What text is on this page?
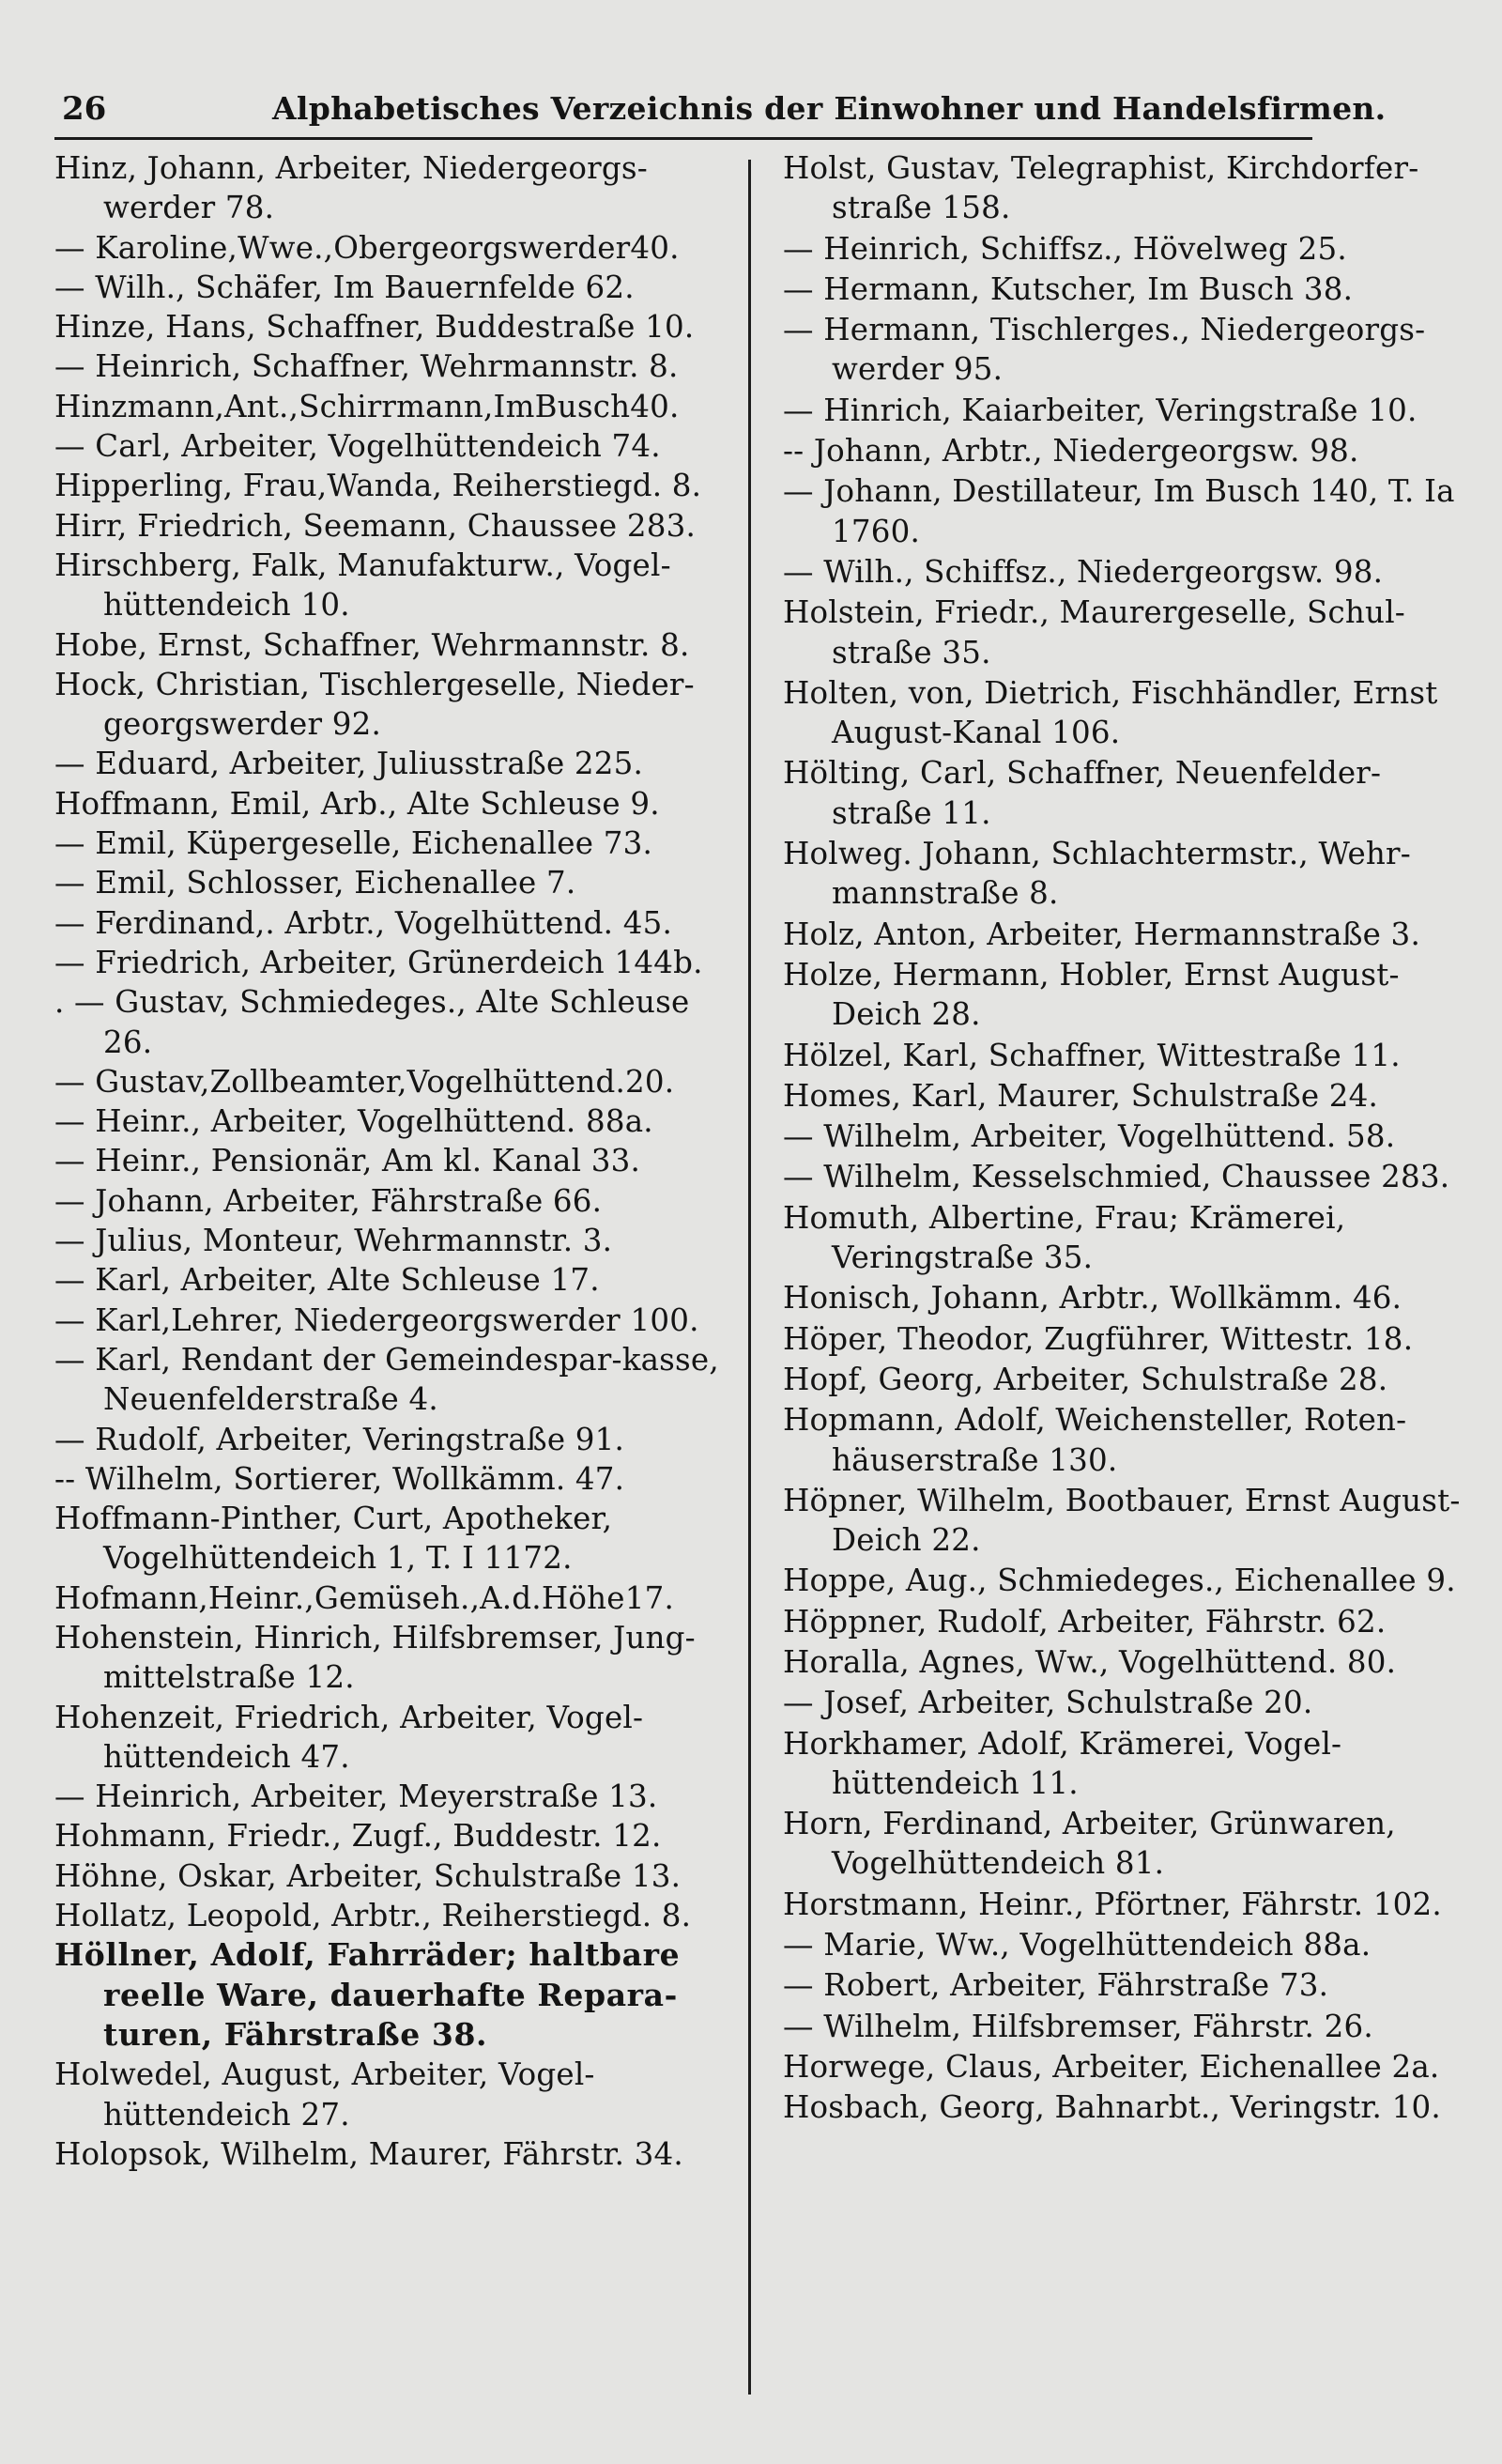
26	Alphabetisches Verzeichnis der Einwohner und Handelsfirmen.

Hinz, Johann, Arbeiter, Niedergeorgs-werder 78.

— Karoline,Wwe.,Obergeorgswerder40.

— Wilh., Schäfer, Im Bauernfelde 62.

Hinze, Hans, Schaffner, Buddestraße 10.

— Heinrich, Schaffner, Wehrmannstr. 8.

Hinzmann,Ant.,Schirrmann,ImBusch40.

— Carl, Arbeiter, Vogelhüttendeich 74.

Hipperling, Frau,Wanda, Reiherstiegd. 8.

Hirr, Friedrich, Seemann, Chaussee 283.

Hirschberg, Falk, Manufakturw., Vogel-hüttendeich 10.

Hobe, Ernst, Schaffner, Wehrmannstr. 8.

Hock, Christian, Tischlergeselle, Nieder-georgswerder 92.

— Eduard, Arbeiter, Juliusstraße 225.

Hoffmann, Emil, Arb., Alte Schleuse 9.

— Emil, Küpergeselle, Eichenallee 73.

— Emil, Schlosser, Eichenallee 7.

— Ferdinand,. Arbtr., Vogelhüttend. 45.

— Friedrich, Arbeiter, Grünerdeich 144b.

. — Gustav, Schmiedeges., Alte Schleuse 26.

— Gustav,Zollbeamter,Vogelhüttend.20.

— Heinr., Arbeiter, Vogelhüttend. 88a.

— Heinr., Pensionär, Am kl. Kanal 33.

— Johann, Arbeiter, Fährstraße 66.

— Julius, Monteur, Wehrmannstr. 3.

— Karl, Arbeiter, Alte Schleuse 17.

— Karl,Lehrer, Niedergeorgswerder 100.

— Karl, Rendant der Gemeindespar-kasse, Neuenfelderstraße 4.

— Rudolf, Arbeiter, Veringstraße 91.

-- Wilhelm, Sortierer, Wollkämm. 47.

Hoffmann-Pinther, Curt, Apotheker, Vogelhüttendeich 1, T. I 1172.

Hofmann,Heinr.,Gemüseh.,A.d.Höhe17.

Hohenstein, Hinrich, Hilfsbremser, Jung-mittelstraße 12.

Hohenzeit, Friedrich, Arbeiter, Vogel-hüttendeich 47.

— Heinrich, Arbeiter, Meyerstraße 13.

Hohmann, Friedr., Zugf., Buddestr. 12.

Höhne, Oskar, Arbeiter, Schulstraße 13.

Hollatz, Leopold, Arbtr., Reiherstiegd. 8.

Höllner, Adolf, Fahrräder; haltbare reelle Ware, dauerhafte Repara-turen, Fährstraße 38.

Holwedel, August, Arbeiter, Vogel-hüttendeich 27.

Holopsok, Wilhelm, Maurer, Fährstr. 34.

Holst, Gustav, Telegraphist, Kirchdorfer-straße 158.

— Heinrich, Schiffsz., Hövelweg 25.

— Hermann, Kutscher, Im Busch 38.

— Hermann, Tischlerges., Niedergeorgs-werder 95.

— Hinrich, Kaiarbeiter, Veringstraße 10.

-- Johann, Arbtr., Niedergeorgsw. 98.

— Johann, Destillateur, Im Busch 140, T. Ia 1760.

— Wilh., Schiffsz., Niedergeorgsw. 98.

Holstein, Friedr., Maurergeselle, Schul-straße 35.

Holten, von, Dietrich, Fischhändler, Ernst August-Kanal 106.

Hölting, Carl, Schaffner, Neuenfelder-straße 11.

Holweg. Johann, Schlachtermstr., Wehr-mannstraße 8.

Holz, Anton, Arbeiter, Hermannstraße 3.

Holze, Hermann, Hobler, Ernst August-Deich 28.

Hölzel, Karl, Schaffner, Wittestraße 11.

Homes, Karl, Maurer, Schulstraße 24.

— Wilhelm, Arbeiter, Vogelhüttend. 58.

— Wilhelm, Kesselschmied, Chaussee 283.

Homuth, Albertine, Frau; Krämerei, Veringstraße 35.

Honisch, Johann, Arbtr., Wollkämm. 46.

Höper, Theodor, Zugführer, Wittestr. 18.

Hopf, Georg, Arbeiter, Schulstraße 28.

Hopmann, Adolf, Weichensteller, Roten-häuserstraße 130.

Höpner, Wilhelm, Bootbauer, Ernst August-Deich 22.

Hoppe, Aug., Schmiedeges., Eichenallee 9.

Höppner, Rudolf, Arbeiter, Fährstr. 62.

Horalla, Agnes, Ww., Vogelhüttend. 80.

— Josef, Arbeiter, Schulstraße 20.

Horkhamer, Adolf, Krämerei, Vogel-hüttendeich 11.

Horn, Ferdinand, Arbeiter, Grünwaren, Vogelhüttendeich 81.

Horstmann, Heinr., Pförtner, Fährstr. 102.

— Marie, Ww., Vogelhüttendeich 88a.

— Robert, Arbeiter, Fährstraße 73.

— Wilhelm, Hilfsbremser, Fährstr. 26.

Horwege, Claus, Arbeiter, Eichenallee 2a.

Hosbach, Georg, Bahnarbt., Veringstr. 10.
